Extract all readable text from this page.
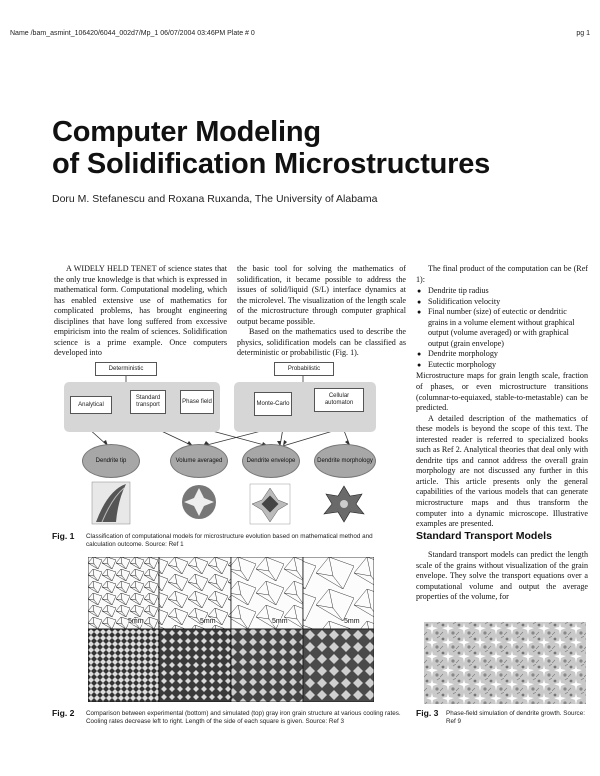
Name /bam_asmint_106420/6044_002d7/Mp_1 06/07/2004 03:46PM Plate # 0	pg 1
Computer Modeling
of Solidification Microstructures
Doru M. Stefanescu and Roxana Ruxanda, The University of Alabama

A WIDELY HELD TENET of science states that the only true knowledge is that which is expressed in mathematical form. Computational modeling, which has enabled extensive use of mathematics for complicated problems, has brought engineering disciplines that have long suffered from excessive empiricism into the realm of sciences. Solidification science is a prime example. Once computers developed into

the basic tool for solving the mathematics of solidification, it became possible to address the issues of solid/liquid (S/L) interface dynamics at the microlevel. The visualization of the length scale of the microstructure through computer graphical output became possible.

Based on the mathematics used to describe the physics, solidification models can be classified as deterministic or probabilistic (Fig. 1).

The final product of the computation can be (Ref 1):

● Dendrite tip radius
● Solidification velocity
● Final number (size) of eutectic or dendritic grains in a volume element without graphical output (volume averaged) or with graphical output (grain envelope)
● Dendrite morphology
● Eutectic morphology

Microstructure maps for grain length scale, fraction of phases, or even microstructure transitions (columnar-to-equiaxed, stable-to-metastable) can be predicted.

A detailed description of the mathematics of these models is beyond the scope of this text. The interested reader is referred to specialized books such as Ref 2. Analytical theories that deal only with dendrite tips and cannot address the overall grain morphology are not discussed any further in this article. This article presents only the general capabilities of the various models that can generate microstructure maps and thus transform the computer into a dynamic microscope. Illustrative examples are presented.

Standard Transport Models

Standard transport models can predict the length scale of the grains without visualization of the grain envelope. They solve the transport equations over a computational volume and output the average properties of the volume, for

Deterministic	Probabilistic
Analytical
Standard transport
Phase field	Monte-Carlo
Cellular automaton
Dendrite tip	Volume averaged	Dendrite envelope	Dendrite morphology
Fig. 1	Classification of computational models for microstructure evolution based on mathematical method and calculation outcome. Source: Ref 1
5mm	5mm	5mm	5mm
Fig. 2	Comparison between experimental (bottom) and simulated (top) gray iron grain structure at various cooling rates. Cooling rates decrease left to right. Length of the side of each square is given. Source: Ref 3
Fig. 3	Phase-field simulation of dendrite growth. Source: Ref 9
